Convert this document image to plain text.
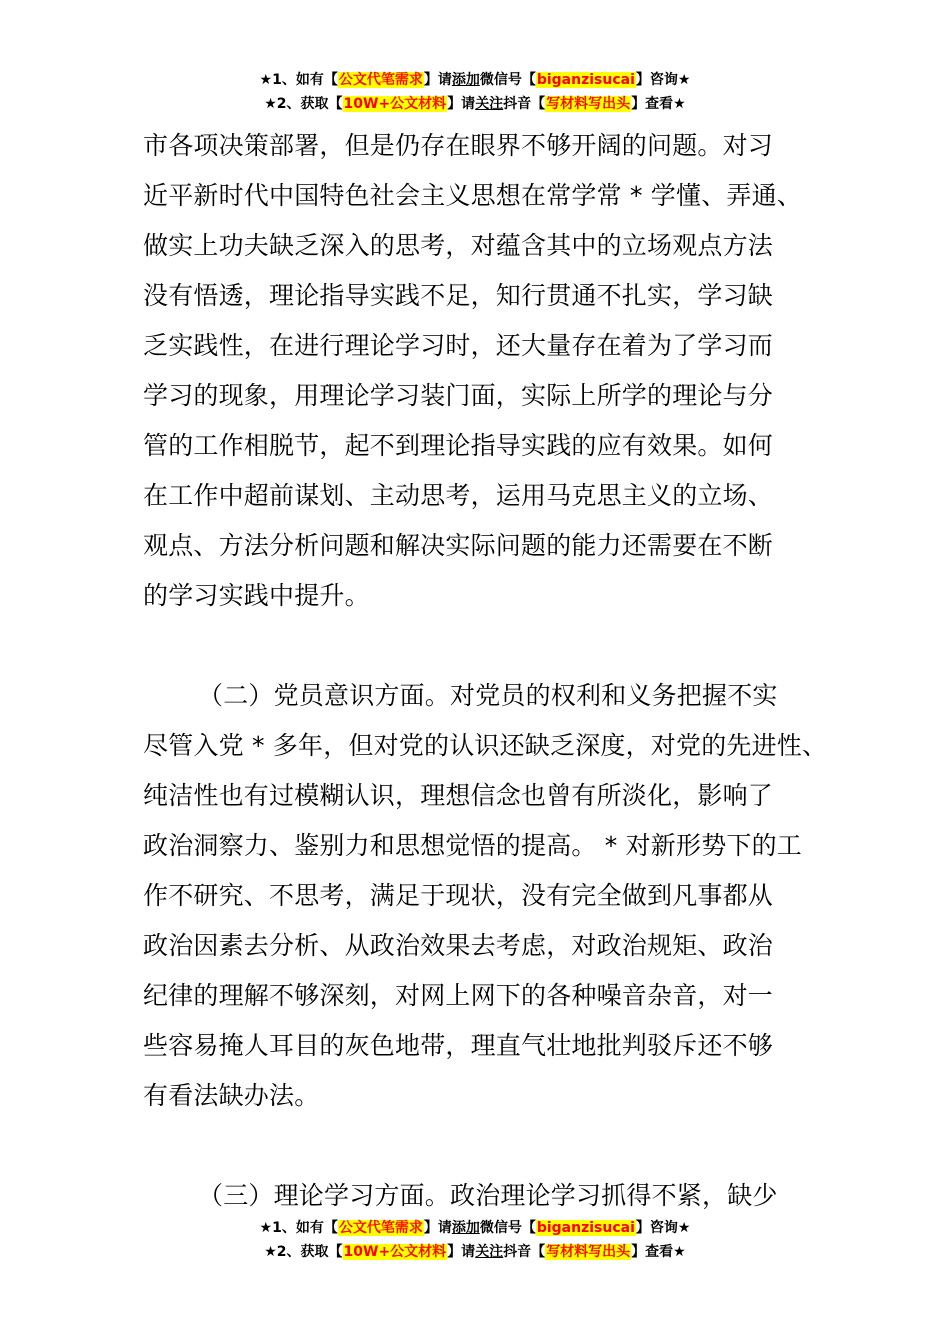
★1、如有【公文代笔需求】请添加微信号【biganzisucai】咨询★
★2、获取【10W+公文材料】请关注抖音【写材料写出头】查看★
市各项决策部署，但是仍存在眼界不够开阔的问题。对习
近平新时代中国特色社会主义思想在常学常 * 学懂、弄通、
做实上功夫缺乏深入的思考，对蕴含其中的立场观点方法
没有悟透，理论指导实践不足，知行贯通不扎实，学习缺
乏实践性，在进行理论学习时，还大量存在着为了学习而
学习的现象，用理论学习装门面，实际上所学的理论与分
管的工作相脱节，起不到理论指导实践的应有效果。如何
在工作中超前谋划、主动思考，运用马克思主义的立场、
观点、方法分析问题和解决实际问题的能力还需要在不断
的学习实践中提升。
（二）党员意识方面。对党员的权利和义务把握不实
尽管入党 * 多年，但对党的认识还缺乏深度，对党的先进性、
纯洁性也有过模糊认识，理想信念也曾有所淡化，影响了
政治洞察力、鉴别力和思想觉悟的提高。 * 对新形势下的工
作不研究、不思考，满足于现状，没有完全做到凡事都从
政治因素去分析、从政治效果去考虑，对政治规矩、政治
纪律的理解不够深刻，对网上网下的各种噪音杂音，对一
些容易掩人耳目的灰色地带，理直气壮地批判驳斥还不够
有看法缺办法。
（三）理论学习方面。政治理论学习抓得不紧，缺少
★1、如有【公文代笔需求】请添加微信号【biganzisucai】咨询★
★2、获取【10W+公文材料】请关注抖音【写材料写出头】查看★
